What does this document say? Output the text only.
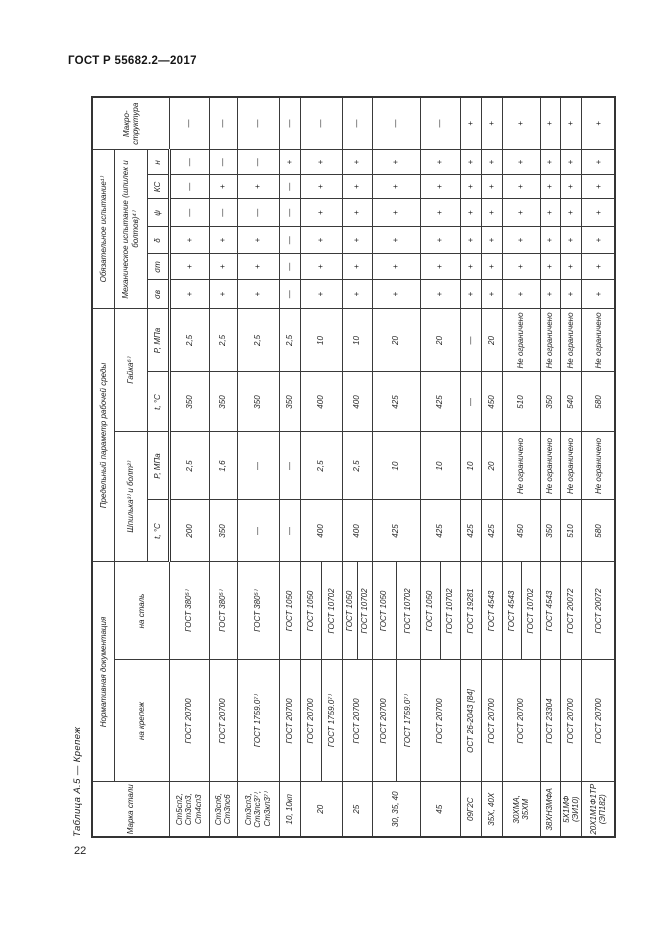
ГОСТ Р 55682.2—2017
22
Таблица А.5 — Крепеж	Марка стали	Нормативная документация		Предельный параметр рабочей среды				Обязательное испытание¹⁾						Макро-структура
	на крепеж	на сталь	Шпилька³⁾ и болт²⁾		Гайка⁶⁾		Механическое испытание (шпилек и болтов)⁴⁾						
			t, °С	Р, МПа	t, °С	Р, МПа	σв	σт	δ	ψ	КС	н	
Ст5сп2, Ст3сп3, Ст4сп3	ГОСТ 20700	ГОСТ 380⁵⁾	200	2,5	350	2,5	+	+	+	—	—	—	—
Ст3сп6, Ст3пс6	ГОСТ 20700	ГОСТ 380⁵⁾	350	1,6	350	2,5	+	+	+	—	+	—	—
Ст3сп3, Ст3пс3⁷⁾, Ст3кп3⁷⁾	ГОСТ 1759.0⁷⁾	ГОСТ 380⁵⁾	—	—	350	2,5	+	+	+	—	+	—	—
10, 10кп	ГОСТ 20700	ГОСТ 1050	—	—	350	2,5	—	—	—	—	—	+	—
20	ГОСТ 20700	ГОСТ 1050	400	2,5	400	10	+	+	+	+	+	+	—
	ГОСТ 1759.0⁷⁾	ГОСТ 10702											
25	ГОСТ 20700	ГОСТ 1050	400	2,5	400	10	+	+	+	+	+	+	—
		ГОСТ 10702											
30, 35, 40	ГОСТ 20700	ГОСТ 1050	425	10	425	20	+	+	+	+	+	+	—
	ГОСТ 1759.0⁷⁾	ГОСТ 10702											
45	ГОСТ 20700	ГОСТ 1050	425	10	425	20	+	+	+	+	+	+	—
		ГОСТ 10702											
09Г2С	ОСТ 26-2043 [84]	ГОСТ 19281	425	10	—	—	+	+	+	+	+	+	+
35Х, 40Х	ГОСТ 20700	ГОСТ 4543	425	20	450	20	+	+	+	+	+	+	+
30ХМА, 35ХМ	ГОСТ 20700	ГОСТ 4543	450	Не ограничено	510	Не ограничено	+	+	+	+	+	+	+
		ГОСТ 10702											
38ХН3МФА	ГОСТ 23304	ГОСТ 4543	350	Не ограничено	350	Не ограничено	+	+	+	+	+	+	+
5Х1МФ (ЭИ10)	ГОСТ 20700	ГОСТ 20072	510	Не ограничено	540	Не ограничено	+	+	+	+	+	+	+
20Х1М1Ф1ТР (ЭП182)	ГОСТ 20700	ГОСТ 20072	580	Не ограничено	580	Не ограничено	+	+	+	+	+	+	+
